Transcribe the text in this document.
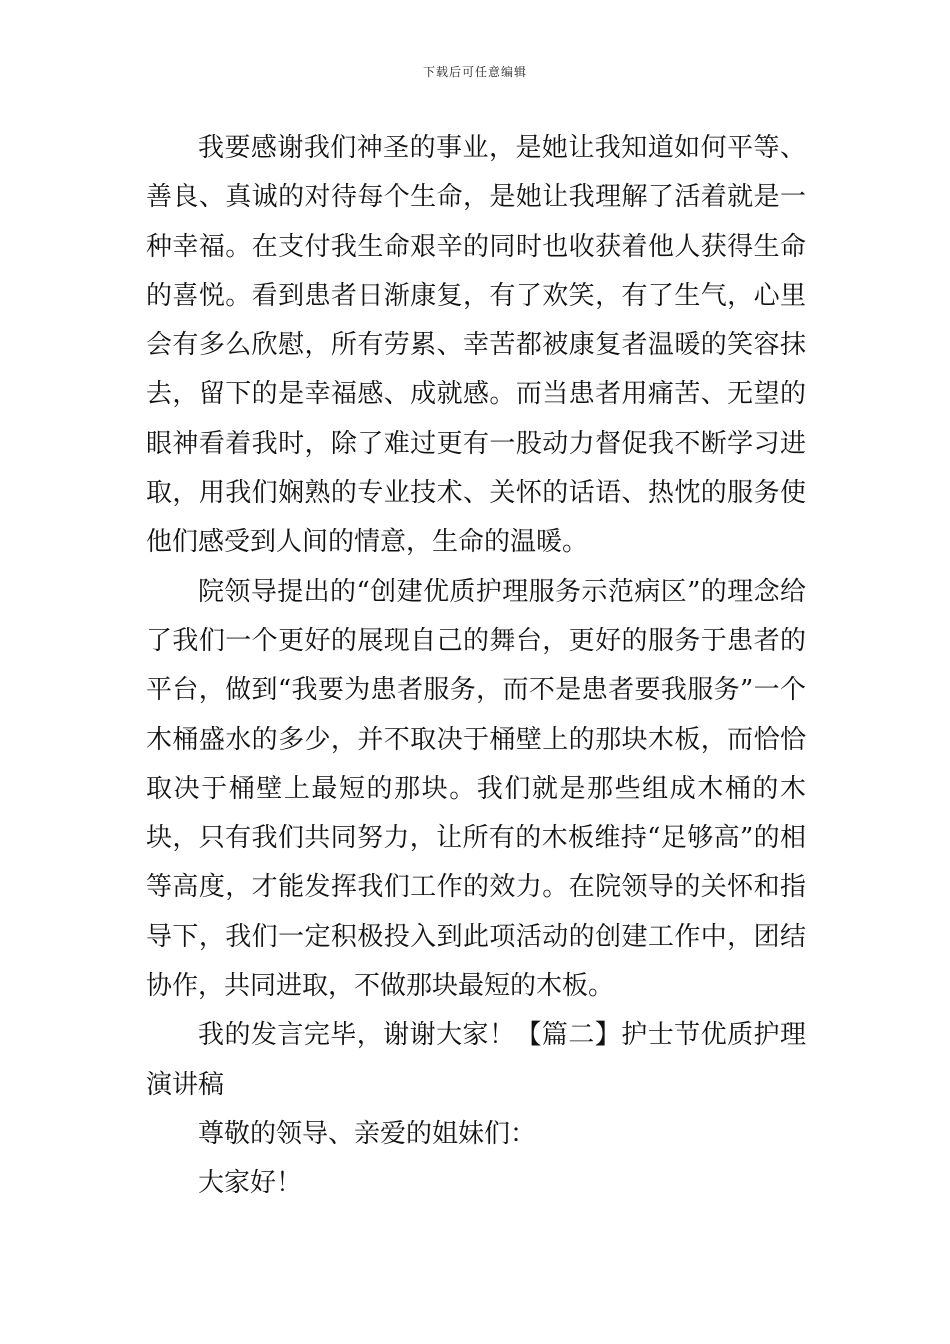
下载后可任意编辑

我要感谢我们神圣的事业，是她让我知道如何平等、善良、真诚的对待每个生命，是她让我理解了活着就是一种幸福。在支付我生命艰辛的同时也收获着他人获得生命的喜悦。看到患者日渐康复，有了欢笑，有了生气，心里会有多么欣慰，所有劳累、幸苦都被康复者温暖的笑容抹去，留下的是幸福感、成就感。而当患者用痛苦、无望的眼神看着我时，除了难过更有一股动力督促我不断学习进取，用我们娴熟的专业技术、关怀的话语、热忱的服务使他们感受到人间的情意，生命的温暖。

院领导提出的“创建优质护理服务示范病区”的理念给了我们一个更好的展现自己的舞台，更好的服务于患者的平台，做到“我要为患者服务，而不是患者要我服务”一个木桶盛水的多少，并不取决于桶壁上的那块木板，而恰恰取决于桶壁上最短的那块。我们就是那些组成木桶的木块，只有我们共同努力，让所有的木板维持“足够高”的相等高度，才能发挥我们工作的效力。在院领导的关怀和指导下，我们一定积极投入到此项活动的创建工作中，团结协作，共同进取，不做那块最短的木板。

我的发言完毕，谢谢大家！【篇二】护士节优质护理演讲稿

尊敬的领导、亲爱的姐妹们：

大家好！
